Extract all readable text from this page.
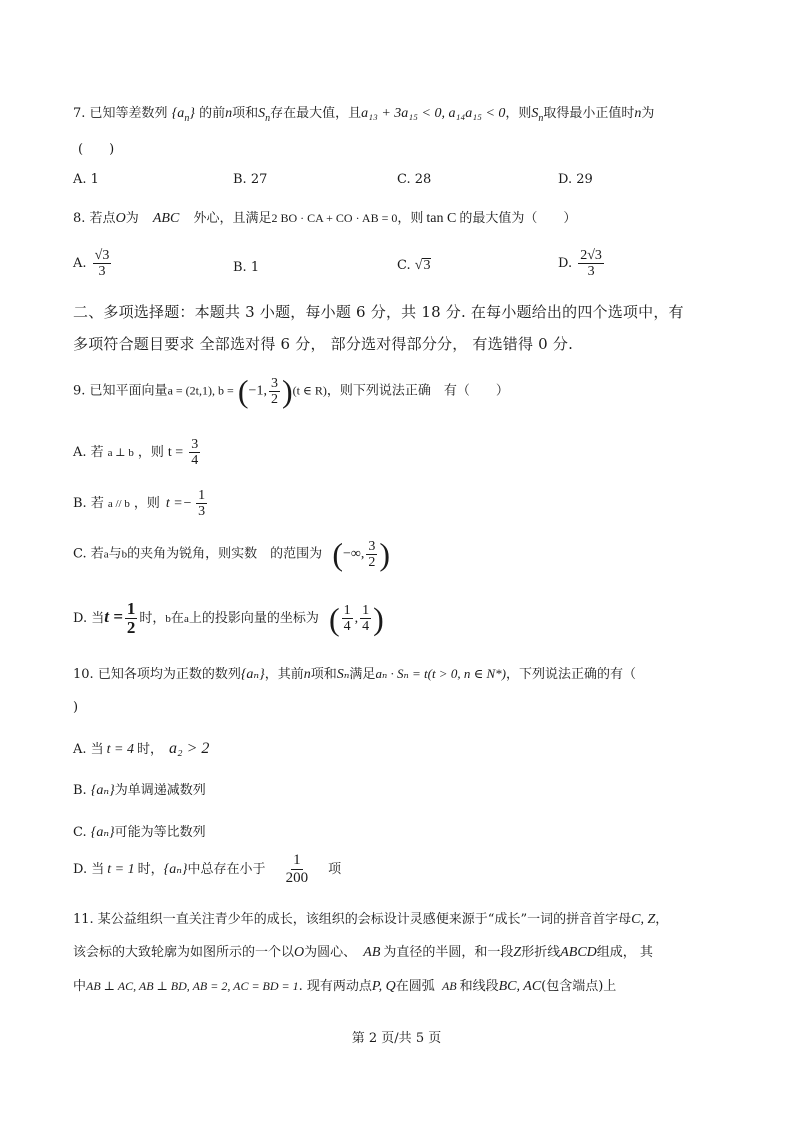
7. 已知等差数列 $\{a_n\}$ 的前n项和$S_n$存在最大值，且a₁₃ + 3a₁₅ < 0, a₁₄a₁₅ < 0，则$S_n$取得最小正值时n为
(　　)
A. 1	B. 27	C. 28	D. 29
8. 若点O为 ABC 外心，且满足2 BO · CA + CO · AB = 0，则 tan C 的最大值为（　　）
A. $\frac{√3}{3}$	B. 1	C. √3	D. $\frac{2√3}{3}$
二、多项选择题：本题共 3 小题，每小题 6 分，共 18 分. 在每小题给出的四个选项中，有
多项符合题目要求 全部选对得 6 分， 部分选对得部分分， 有选错得 0 分.
9. 已知平面向量a = (2t,1), b = (−1, $\frac{3}{2} )(t$ ∈ R)，则下列说法正确　有（　　）
A. 若 a ⊥ b ，则 $t = \frac{3}{4}$
B. 若 a // b ，则 $t =- \frac{1}{3}$
C. 若a与b的夹角为锐角，则实数　的范围为 (−∞, $\frac{3}{2}$ )
D. 当$t = \frac{1}{2}$ 时，b在a上的投影向量的坐标为 ( $\frac{1}{4}$ , $\frac{1}{4}$ )
10. 已知各项均为正数的数列{aₙ}，其前n项和Sₙ满足aₙ · Sₙ = t(t > 0, n ∈ N*)，下列说法正确的有（
)
A. 当 t = 4 时， a₂ > 2
B. {aₙ}为单调递减数列
C. {aₙ}可能为等比数列
D. 当 t = 1 时，{aₙ}中总存在小于 $\frac{1}{200}$ 项
11. 某公益组织一直关注青少年的成长，该组织的会标设计灵感便来源于“成长”一词的拼音首字母C, Z，
该会标的大致轮廓为如图所示的一个以O为圆心、 AB 为直径的半圆，和一段Z形折线ABCD组成， 其
中AB ⊥ AC, AB ⊥ BD, AB = 2, AC = BD = 1. 现有两动点P, Q在圆弧 AB 和线段BC, AC(包含端点)上
第 2 页/共 5 页
